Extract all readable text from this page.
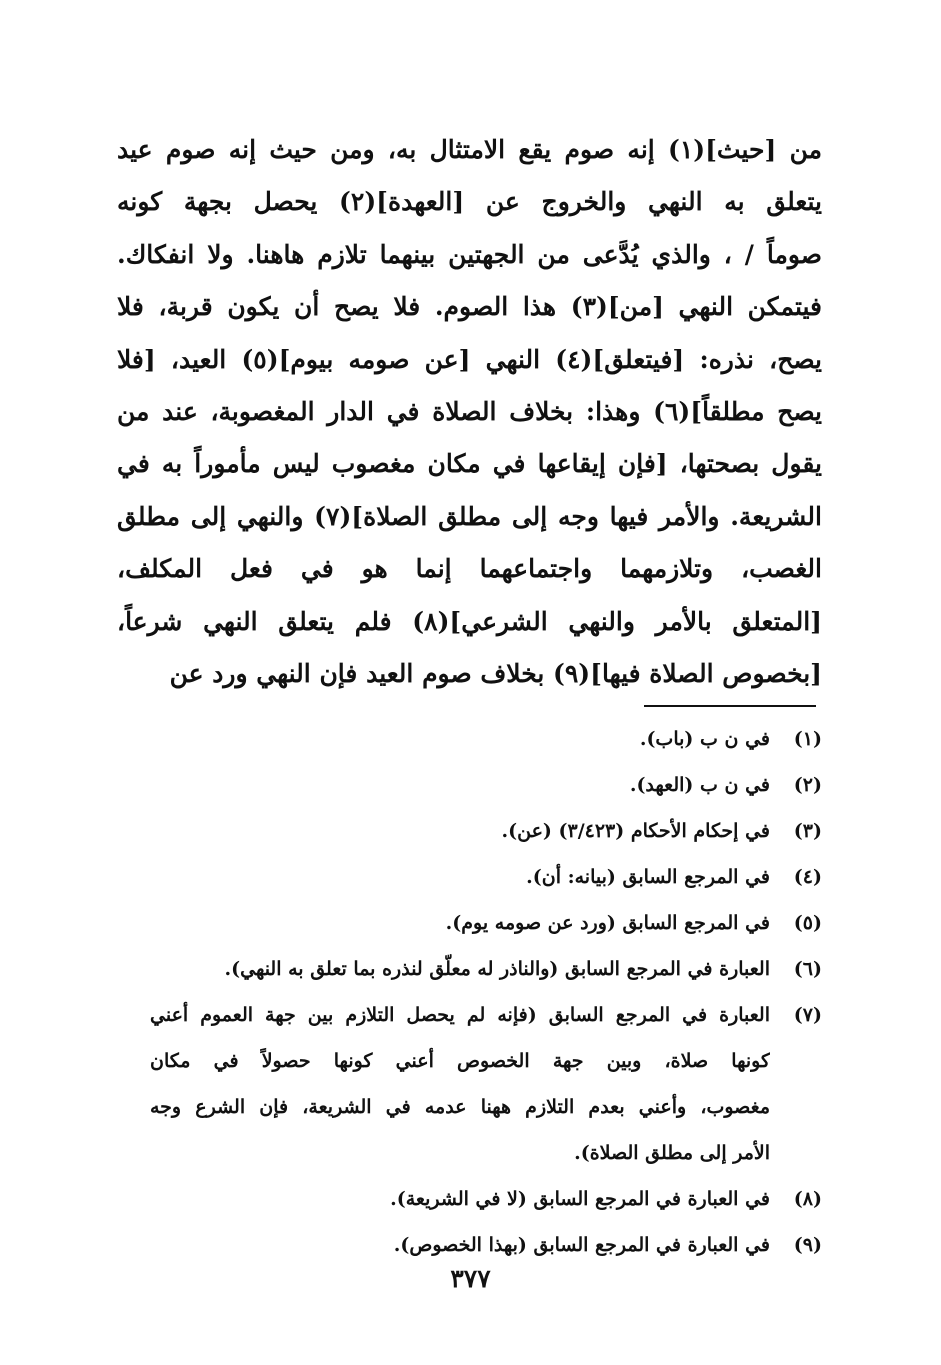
من [حيث](١) إنه صوم يقع الامتثال به، ومن حيث إنه صوم عيد
يتعلق به النهي والخروج عن [العهدة](٢) يحصل بجهة كونه
صوماً / ، والذي يُدَّعى من الجهتين بينهما تلازم هاهنا. ولا انفكاك.
فيتمكن النهي [من](٣) هذا الصوم. فلا يصح أن يكون قربة، فلا
يصح، نذره: [فيتعلق](٤) النهي [عن صومه بيوم](٥) العيد، [فلا
يصح مطلقاً](٦) وهذا: بخلاف الصلاة في الدار المغصوبة، عند من
يقول بصحتها، [فإن إيقاعها في مكان مغصوب ليس مأموراً به في
الشريعة. والأمر فيها وجه إلى مطلق الصلاة](٧) والنهي إلى مطلق
الغصب، وتلازمهما واجتماعهما إنما هو في فعل المكلف،
[المتعلق بالأمر والنهي الشرعي](٨) فلم يتعلق النهي شرعاً،
[بخصوص الصلاة فيها](٩) بخلاف صوم العيد فإن النهي ورد عن
(١)
في ن ب (باب).
(٢)
في ن ب (العهد).
(٣)
في إحكام الأحكام (٣/٤٢٣) (عن).
(٤)
في المرجع السابق (بيانه: أن).
(٥)
في المرجع السابق (ورد عن صومه يوم).
(٦)
العبارة في المرجع السابق (والناذر له معلّق لنذره بما تعلق به النهي).
(٧)
العبارة في المرجع السابق (فإنه لم يحصل التلازم بين جهة العموم أعني
كونها صلاة، وبين جهة الخصوص أعني كونها حصولاً في مكان
مغصوب، وأعني بعدم التلازم ههنا عدمه في الشريعة، فإن الشرع وجه
الأمر إلى مطلق الصلاة).
(٨)
في العبارة في المرجع السابق (لا في الشريعة).
(٩)
في العبارة في المرجع السابق (بهذا الخصوص).
٣٧٧
